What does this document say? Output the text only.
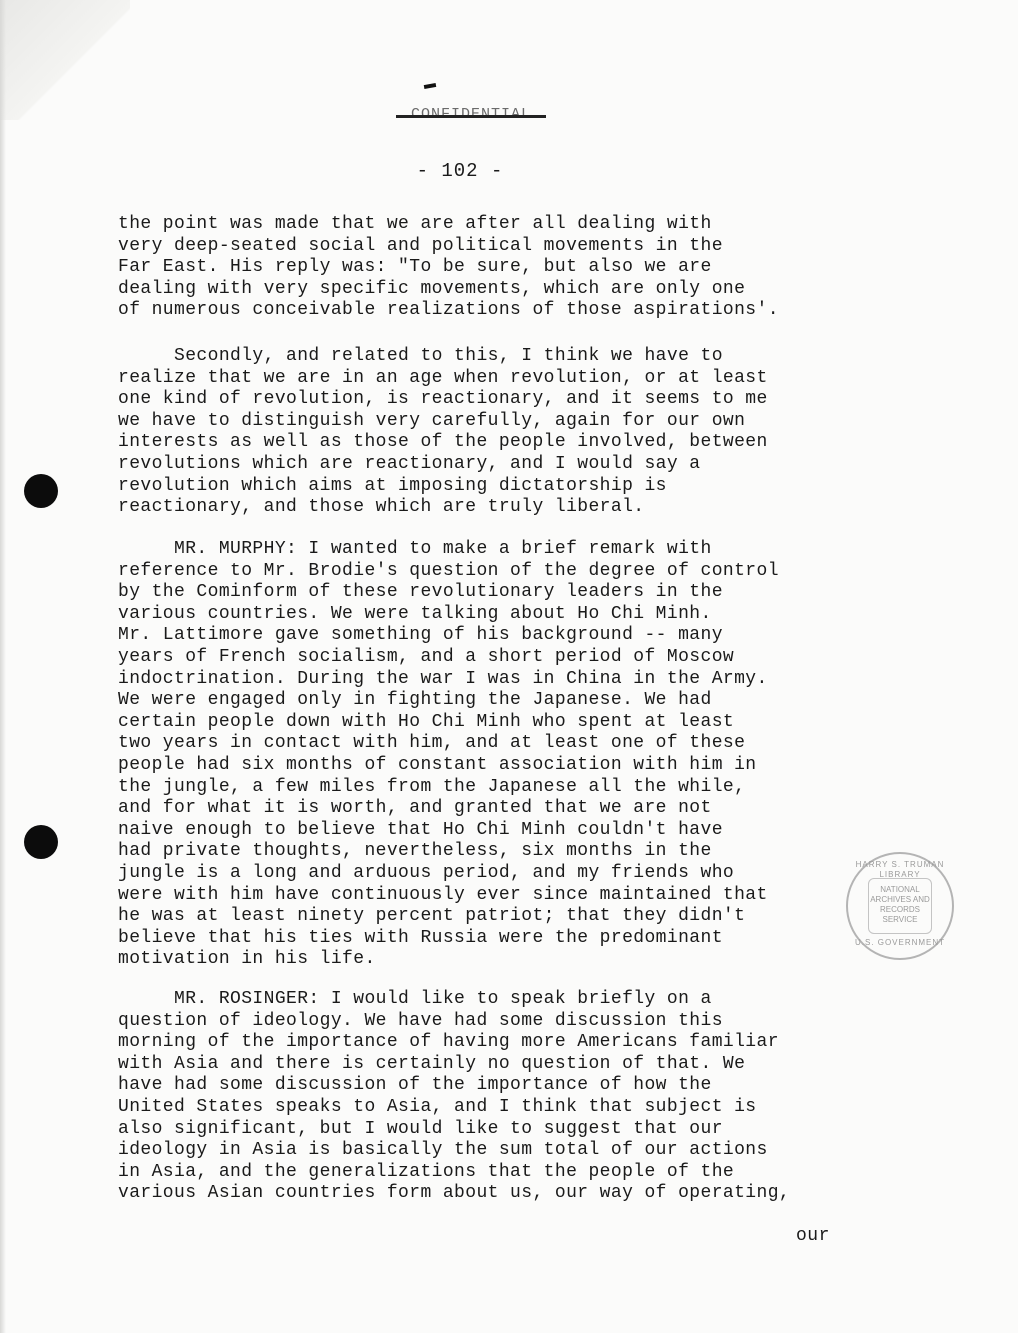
- 102 -
the point was made that we are after all dealing with
very deep-seated social and political movements in the
Far East. His reply was: "To be sure, but also we are
dealing with very specific movements, which are only one
of numerous conceivable realizations of those aspirations'.
Secondly, and related to this, I think we have to
realize that we are in an age when revolution, or at least
one kind of revolution, is reactionary, and it seems to me
we have to distinguish very carefully, again for our own
interests as well as those of the people involved, between
revolutions which are reactionary, and I would say a
revolution which aims at imposing dictatorship is
reactionary, and those which are truly liberal.
MR. MURPHY: I wanted to make a brief remark with
reference to Mr. Brodie's question of the degree of control
by the Cominform of these revolutionary leaders in the
various countries. We were talking about Ho Chi Minh.
Mr. Lattimore gave something of his background -- many
years of French socialism, and a short period of Moscow
indoctrination. During the war I was in China in the Army.
We were engaged only in fighting the Japanese. We had
certain people down with Ho Chi Minh who spent at least
two years in contact with him, and at least one of these
people had six months of constant association with him in
the jungle, a few miles from the Japanese all the while,
and for what it is worth, and granted that we are not
naive enough to believe that Ho Chi Minh couldn't have
had private thoughts, nevertheless, six months in the
jungle is a long and arduous period, and my friends who
were with him have continuously ever since maintained that
he was at least ninety percent patriot; that they didn't
believe that his ties with Russia were the predominant
motivation in his life.
MR. ROSINGER: I would like to speak briefly on a
question of ideology. We have had some discussion this
morning of the importance of having more Americans familiar
with Asia and there is certainly no question of that. We
have had some discussion of the importance of how the
United States speaks to Asia, and I think that subject is
also significant, but I would like to suggest that our
ideology in Asia is basically the sum total of our actions
in Asia, and the generalizations that the people of the
various Asian countries form about us, our way of operating,
our
HARRY S. TRUMAN LIBRARY
NATIONAL
ARCHIVES AND
RECORDS
SERVICE
U.S. GOVERNMENT
